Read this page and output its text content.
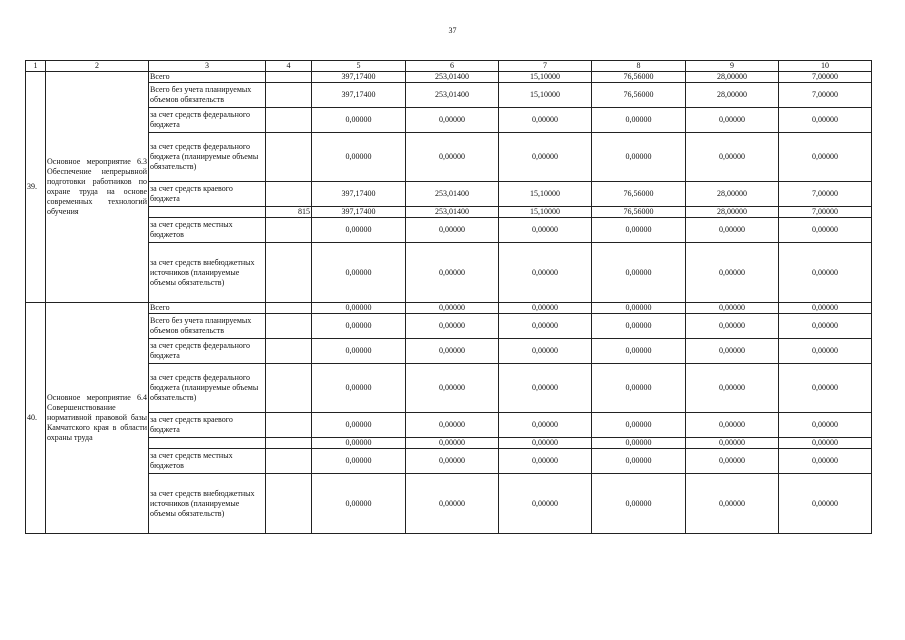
37
1	2	3	4	5	6	7	8	9	10
39.	Основное мероприятие 6.3 Обеспечение непрерывной подготовки работников по охране труда на основе современных технологий обучения	Всего		397,17400	253,01400	15,10000	76,56000	28,00000	7,00000
		Всего без учета планируемых объемов обязательств		397,17400	253,01400	15,10000	76,56000	28,00000	7,00000
		за счет средств федерального бюджета		0,00000	0,00000	0,00000	0,00000	0,00000	0,00000
		за счет средств федерального бюджета (планируемые объемы обязательств)		0,00000	0,00000	0,00000	0,00000	0,00000	0,00000
		за счет средств краевого бюджета		397,17400	253,01400	15,10000	76,56000	28,00000	7,00000
			815	397,17400	253,01400	15,10000	76,56000	28,00000	7,00000
		за счет средств местных бюджетов		0,00000	0,00000	0,00000	0,00000	0,00000	0,00000
		за счет средств внебюджетных источников (планируемые объемы обязательств)		0,00000	0,00000	0,00000	0,00000	0,00000	0,00000
40.	Основное мероприятие 6.4 Совершенствование нормативной правовой базы Камчатского края в области охраны труда	Всего		0,00000	0,00000	0,00000	0,00000	0,00000	0,00000
		Всего без учета планируемых объемов обязательств		0,00000	0,00000	0,00000	0,00000	0,00000	0,00000
		за счет средств федерального бюджета		0,00000	0,00000	0,00000	0,00000	0,00000	0,00000
		за счет средств федерального бюджета (планируемые объемы обязательств)		0,00000	0,00000	0,00000	0,00000	0,00000	0,00000
		за счет средств краевого бюджета		0,00000	0,00000	0,00000	0,00000	0,00000	0,00000
				0,00000	0,00000	0,00000	0,00000	0,00000	0,00000
		за счет средств местных бюджетов		0,00000	0,00000	0,00000	0,00000	0,00000	0,00000
		за счет средств внебюджетных источников (планируемые объемы обязательств)		0,00000	0,00000	0,00000	0,00000	0,00000	0,00000
